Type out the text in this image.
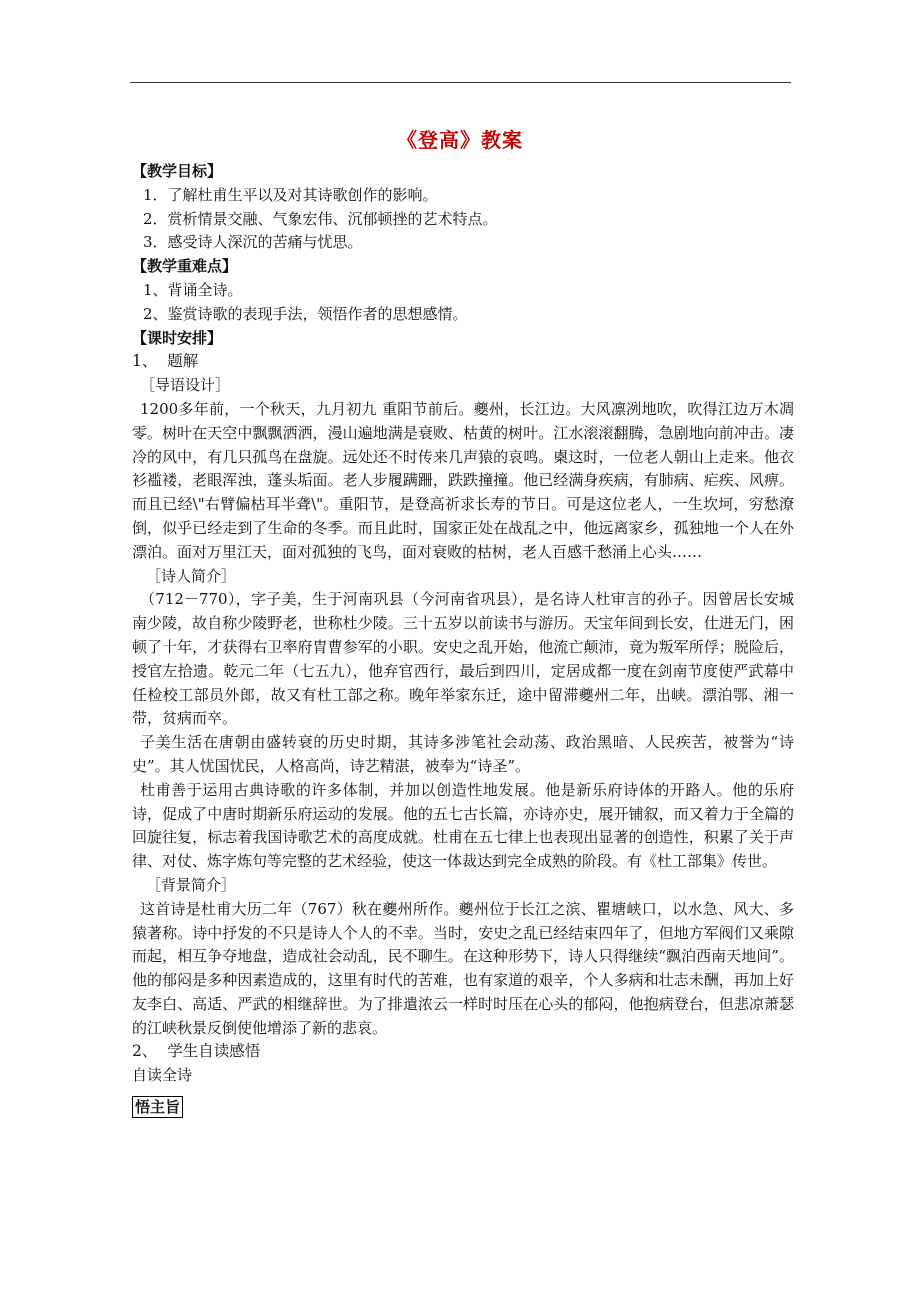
《登高》教案

【教学目标】

1．了解杜甫生平以及对其诗歌创作的影响。

2．赏析情景交融、气象宏伟、沉郁顿挫的艺术特点。

3．感受诗人深沉的苦痛与忧思。

【教学重难点】

1、背诵全诗。

2、鉴赏诗歌的表现手法，领悟作者的思想感情。

【课时安排】

1、  题解

［导语设计］

1200多年前，一个秋天，九月初九 重阳节前后。夔州，长江边。大风凛冽地吹，吹得江边万木凋零。树叶在天空中飘飘洒洒，漫山遍地满是衰败、枯黄的树叶。江水滚滚翻腾，急剧地向前冲击。凄冷的风中，有几只孤鸟在盘旋。远处还不时传来几声猿的哀鸣。㮚这时，一位老人朝山上走来。他衣衫褴褛，老眼浑浊，蓬头垢面。老人步履蹒跚，跌跌撞撞。他已经满身疾病，有肺病、疟疾、风痹。而且已经\"右臂偏枯耳半聋\"。重阳节，是登高祈求长寿的节日。可是这位老人，一生坎坷，穷愁潦倒，似乎已经走到了生命的冬季。而且此时，国家正处在战乱之中，他远离家乡，孤独地一个人在外漂泊。面对万里江天，面对孤独的飞鸟，面对衰败的枯树，老人百感千愁涌上心头……

［诗人简介］

（712－770），字子美，生于河南巩县（今河南省巩县），是名诗人杜审言的孙子。因曾居长安城南少陵，故自称少陵野老，世称杜少陵。三十五岁以前读书与游历。天宝年间到长安，仕进无门，困顿了十年，才获得右卫率府胄曹参军的小职。安史之乱开始，他流亡颠沛，竟为叛军所俘；脱险后，授官左拾遗。乾元二年（七五九），他弃官西行，最后到四川，定居成都一度在剑南节度使严武幕中任检校工部员外郎，故又有杜工部之称。晚年举家东迁，途中留滞夔州二年，出峡。漂泊鄂、湘一带，贫病而卒。

子美生活在唐朝由盛转衰的历史时期，其诗多涉笔社会动荡、政治黑暗、人民疾苦，被誉为“诗史”。其人忧国忧民，人格高尚，诗艺精湛，被奉为“诗圣”。

杜甫善于运用古典诗歌的许多体制，并加以创造性地发展。他是新乐府诗体的开路人。他的乐府诗，促成了中唐时期新乐府运动的发展。他的五七古长篇，亦诗亦史，展开铺叙，而又着力于全篇的回旋往复，标志着我国诗歌艺术的高度成就。杜甫在五七律上也表现出显著的创造性，积累了关于声律、对仗、炼字炼句等完整的艺术经验，使这一体裁达到完全成熟的阶段。有《杜工部集》传世。

［背景简介］

这首诗是杜甫大历二年（767）秋在夔州所作。夔州位于长江之滨、瞿塘峡口，以水急、风大、多猿著称。诗中抒发的不只是诗人个人的不幸。当时，安史之乱已经结束四年了，但地方军阀们又乘隙而起，相互争夺地盘，造成社会动乱，民不聊生。在这种形势下，诗人只得继续“飘泊西南天地间”。他的郁闷是多种因素造成的，这里有时代的苦难，也有家道的艰辛，个人多病和壮志未酬，再加上好友李白、高适、严武的相继辞世。为了排遣浓云一样时时压在心头的郁闷，他抱病登台，但悲凉萧瑟的江峡秋景反倒使他增添了新的悲哀。

2、  学生自读感悟

自读全诗

悟主旨
